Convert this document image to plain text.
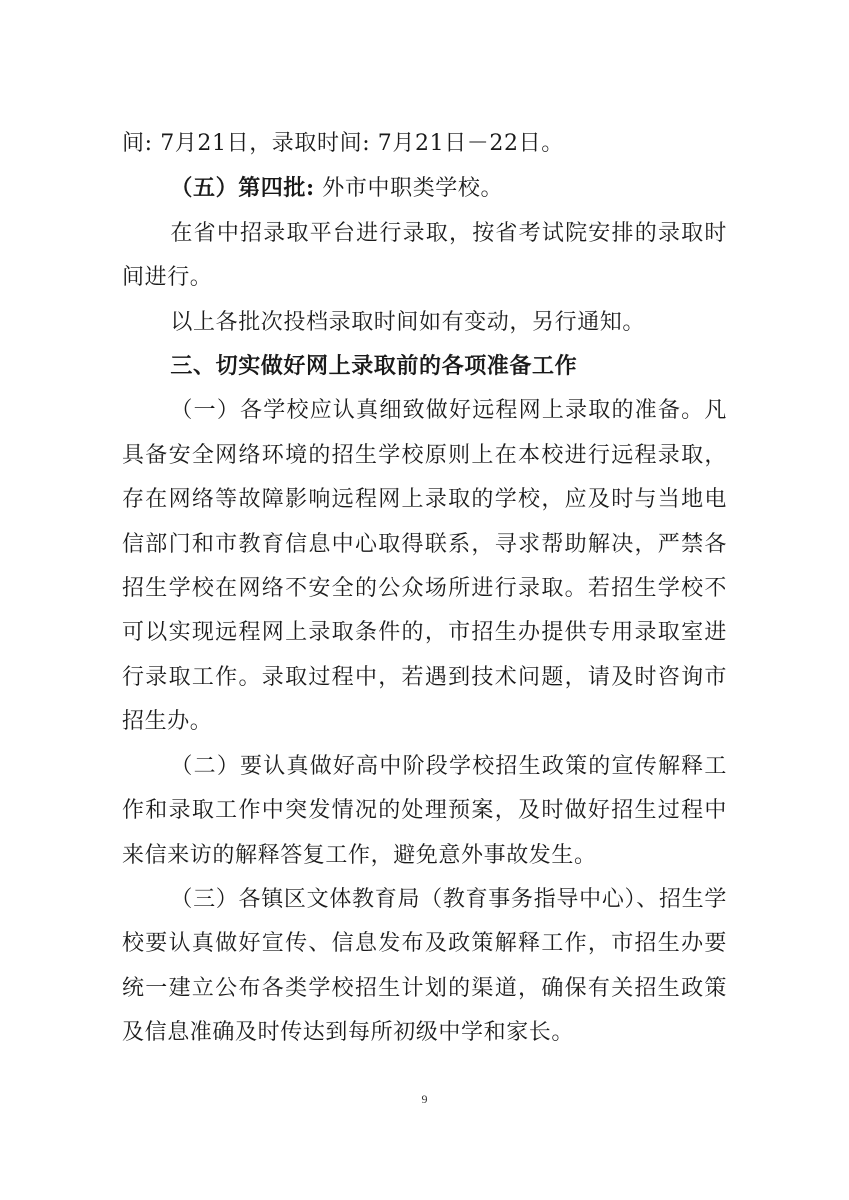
间: 7月21日，录取时间: 7月21日－22日。

（五）第四批: 外市中职类学校。

在省中招录取平台进行录取，按省考试院安排的录取时间进行。

以上各批次投档录取时间如有变动，另行通知。

三、切实做好网上录取前的各项准备工作

（一）各学校应认真细致做好远程网上录取的准备。凡具备安全网络环境的招生学校原则上在本校进行远程录取，存在网络等故障影响远程网上录取的学校，应及时与当地电信部门和市教育信息中心取得联系，寻求帮助解决，严禁各招生学校在网络不安全的公众场所进行录取。若招生学校不可以实现远程网上录取条件的，市招生办提供专用录取室进行录取工作。录取过程中，若遇到技术问题，请及时咨询市招生办。

（二）要认真做好高中阶段学校招生政策的宣传解释工作和录取工作中突发情况的处理预案，及时做好招生过程中来信来访的解释答复工作，避免意外事故发生。

（三）各镇区文体教育局（教育事务指导中心）、招生学校要认真做好宣传、信息发布及政策解释工作，市招生办要统一建立公布各类学校招生计划的渠道，确保有关招生政策及信息准确及时传达到每所初级中学和家长。

9
